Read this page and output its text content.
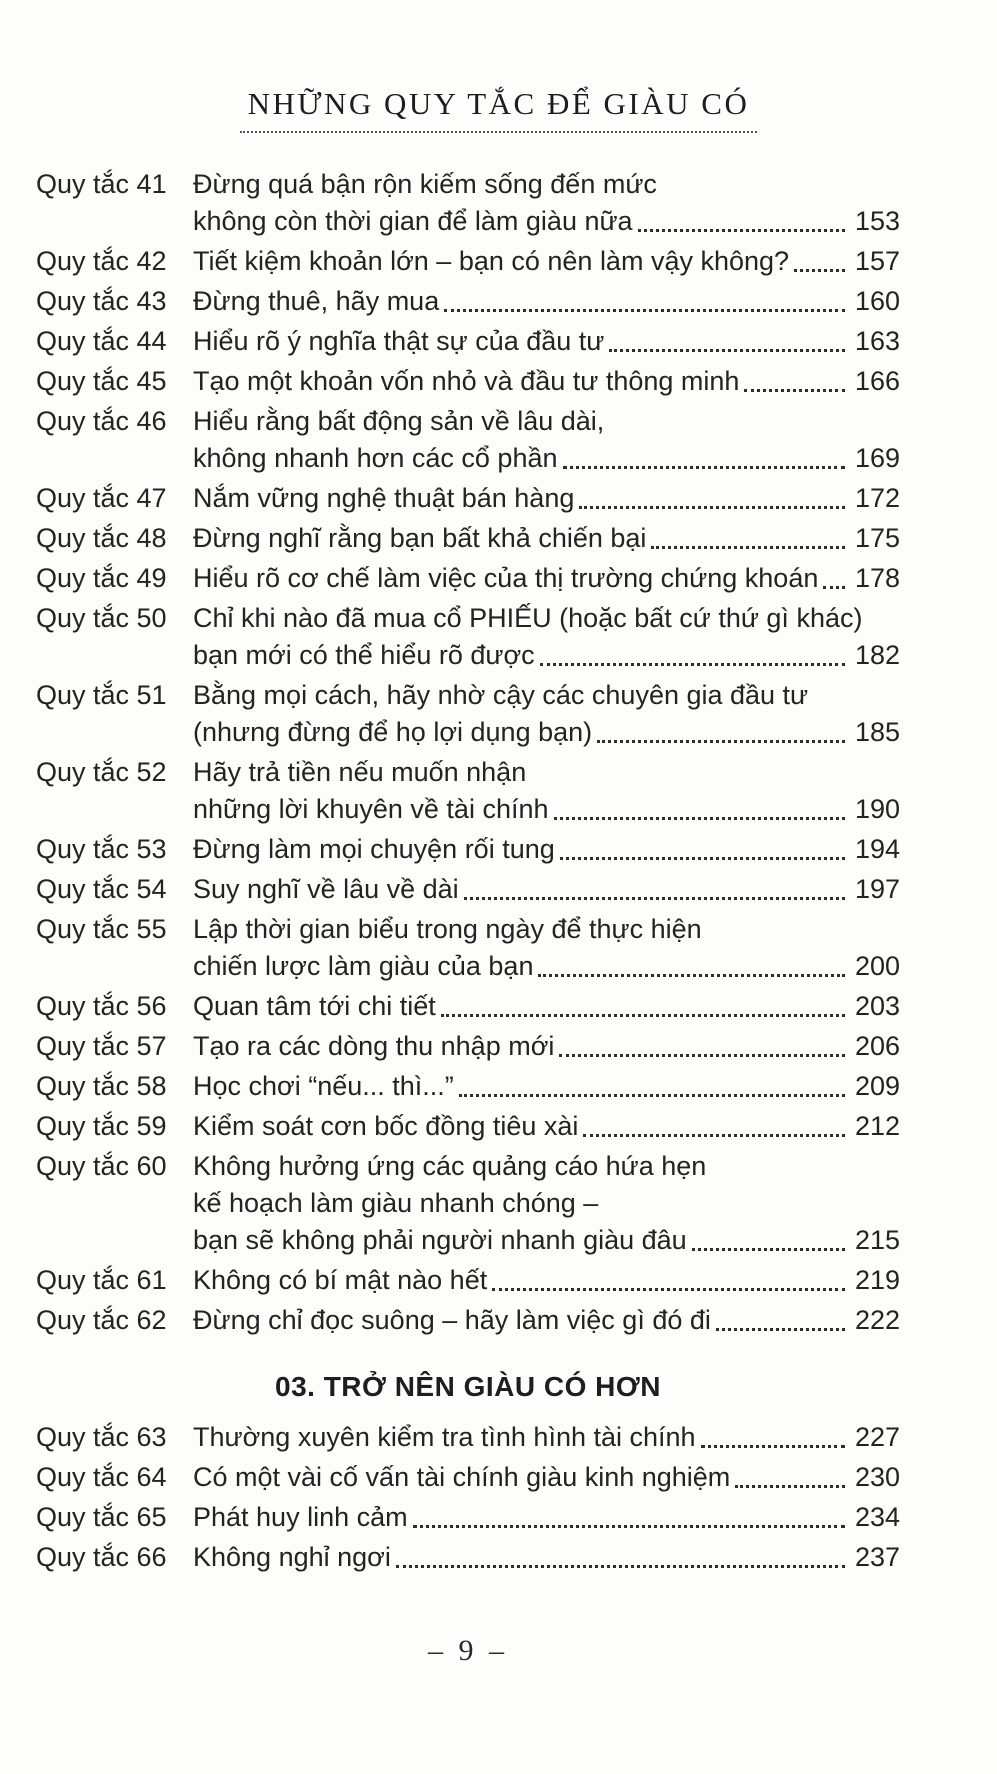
NHỮNG QUY TẮC ĐỂ GIÀU CÓ
Quy tắc 41 Đừng quá bận rộn kiếm sống đến mức
không còn thời gian để làm giàu nữa	153
Quy tắc 42 Tiết kiệm khoản lớn – bạn có nên làm vậy không? 157
Quy tắc 43 Đừng thuê, hãy mua	160
Quy tắc 44 Hiểu rõ ý nghĩa thật sự của đầu tư	163
Quy tắc 45 Tạo một khoản vốn nhỏ và đầu tư thông minh	166
Quy tắc 46 Hiểu rằng bất động sản về lâu dài,
không nhanh hơn các cổ phần	169
Quy tắc 47 Nắm vững nghệ thuật bán hàng	172
Quy tắc 48 Đừng nghĩ rằng bạn bất khả chiến bại	175
Quy tắc 49 Hiểu rõ cơ chế làm việc của thị trường chứng khoán 178
Quy tắc 50 Chỉ khi nào đã mua cổ PHIẾU (hoặc bất cứ thứ gì khác)
bạn mới có thể hiểu rõ được	182
Quy tắc 51 Bằng mọi cách, hãy nhờ cậy các chuyên gia đầu tư
(nhưng đừng để họ lợi dụng bạn)	185
Quy tắc 52 Hãy trả tiền nếu muốn nhận
những lời khuyên về tài chính	190
Quy tắc 53 Đừng làm mọi chuyện rối tung	194
Quy tắc 54 Suy nghĩ về lâu về dài	197
Quy tắc 55 Lập thời gian biểu trong ngày để thực hiện
chiến lược làm giàu của bạn	200
Quy tắc 56 Quan tâm tới chi tiết	203
Quy tắc 57 Tạo ra các dòng thu nhập mới	206
Quy tắc 58 Học chơi “nếu... thì...”	209
Quy tắc 59 Kiểm soát cơn bốc đồng tiêu xài	212
Quy tắc 60 Không hưởng ứng các quảng cáo hứa hẹn
kế hoạch làm giàu nhanh chóng –
bạn sẽ không phải người nhanh giàu đâu	215
Quy tắc 61 Không có bí mật nào hết	219
Quy tắc 62 Đừng chỉ đọc suông – hãy làm việc gì đó đi	222
03. TRỞ NÊN GIÀU CÓ HƠN
Quy tắc 63 Thường xuyên kiểm tra tình hình tài chính	227
Quy tắc 64 Có một vài cố vấn tài chính giàu kinh nghiệm	230
Quy tắc 65 Phát huy linh cảm	234
Quy tắc 66 Không nghỉ ngơi	237
– 9 –
